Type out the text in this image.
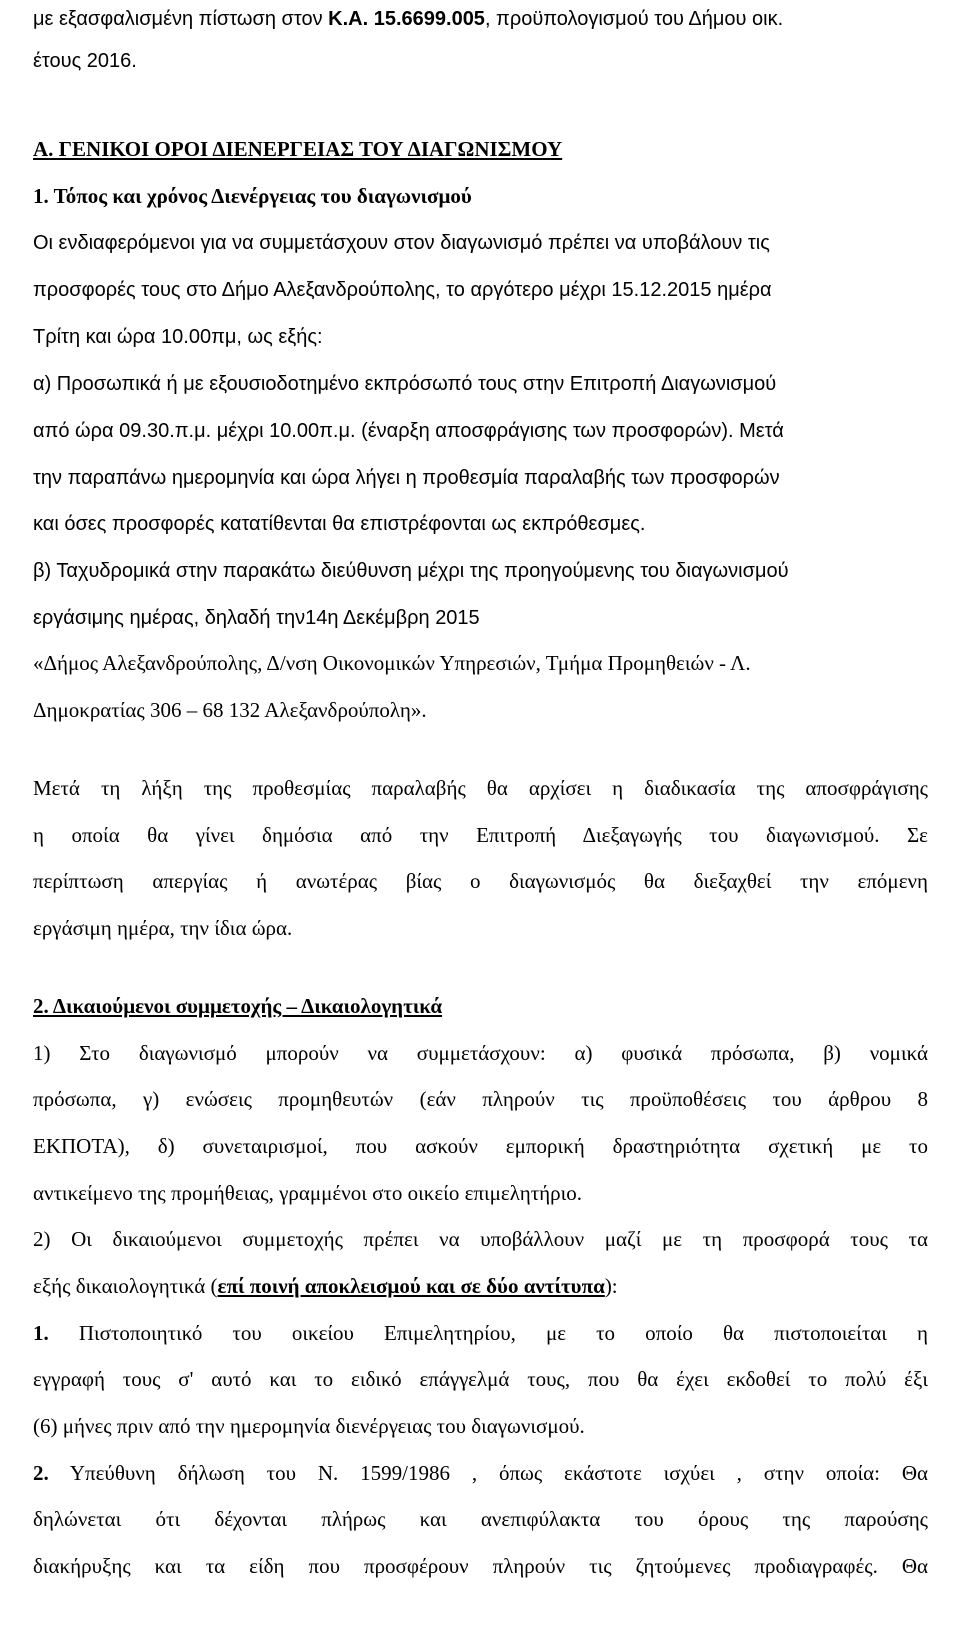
με εξασφαλισμένη πίστωση στον Κ.Α. 15.6699.005, προϋπολογισμού του Δήμου οικ.
έτους 2016.
Α. ΓΕΝΙΚΟΙ ΟΡΟΙ ΔΙΕΝΕΡΓΕΙΑΣ ΤΟΥ ΔΙΑΓΩΝΙΣΜΟΥ
1. Τόπος και χρόνος Διενέργειας του διαγωνισμού
Οι ενδιαφερόμενοι για να συμμετάσχουν στον διαγωνισμό πρέπει να υποβάλουν τις
προσφορές τους στο Δήμο Αλεξανδρούπολης, το αργότερο μέχρι 15.12.2015 ημέρα
Τρίτη και ώρα 10.00πμ, ως εξής:
α) Προσωπικά ή με εξουσιοδοτημένο εκπρόσωπό τους στην Επιτροπή Διαγωνισμού
από ώρα 09.30.π.μ. μέχρι 10.00π.μ. (έναρξη αποσφράγισης των προσφορών). Μετά
την παραπάνω ημερομηνία και ώρα λήγει η προθεσμία παραλαβής των προσφορών
και όσες προσφορές κατατίθενται θα επιστρέφονται ως εκπρόθεσμες.
β) Ταχυδρομικά στην παρακάτω διεύθυνση μέχρι της προηγούμενης του διαγωνισμού
εργάσιμης ημέρας, δηλαδή την14η Δεκέμβρη 2015
«Δήμος Αλεξανδρούπολης, Δ/νση Οικονομικών Υπηρεσιών, Τμήμα Προμηθειών - Λ.
Δημοκρατίας 306 – 68 132 Αλεξανδρούπολη».
Μετά τη λήξη της προθεσμίας παραλαβής θα αρχίσει η διαδικασία της αποσφράγισης
η οποία θα γίνει δημόσια από την Επιτροπή Διεξαγωγής του διαγωνισμού. Σε
περίπτωση απεργίας ή ανωτέρας βίας ο διαγωνισμός θα διεξαχθεί την επόμενη
εργάσιμη ημέρα, την ίδια ώρα.
2. Δικαιούμενοι συμμετοχής – Δικαιολογητικά
1) Στο διαγωνισμό μπορούν να συμμετάσχουν: α) φυσικά πρόσωπα, β) νομικά
πρόσωπα, γ) ενώσεις προμηθευτών (εάν πληρούν τις προϋποθέσεις του άρθρου 8
ΕΚΠΟΤΑ), δ) συνεταιρισμοί, που ασκούν εμπορική δραστηριότητα σχετική με το
αντικείμενο της προμήθειας, γραμμένοι στο οικείο επιμελητήριο.
2) Οι δικαιούμενοι συμμετοχής πρέπει να υποβάλλουν μαζί με τη προσφορά τους τα
εξής δικαιολογητικά (επί ποινή αποκλεισμού και σε δύο αντίτυπα):
1. Πιστοποιητικό του οικείου Επιμελητηρίου, με το οποίο θα πιστοποιείται η
εγγραφή τους σ' αυτό και το ειδικό επάγγελμά τους, που θα έχει εκδοθεί το πολύ έξι
(6) μήνες πριν από την ημερομηνία διενέργειας του διαγωνισμού.
2. Υπεύθυνη δήλωση του Ν. 1599/1986 , όπως εκάστοτε ισχύει , στην οποία: Θα
δηλώνεται ότι δέχονται πλήρως και ανεπιφύλακτα του όρους της παρούσης
διακήρυξης και τα είδη που προσφέρουν πληρούν τις ζητούμενες προδιαγραφές. Θα
